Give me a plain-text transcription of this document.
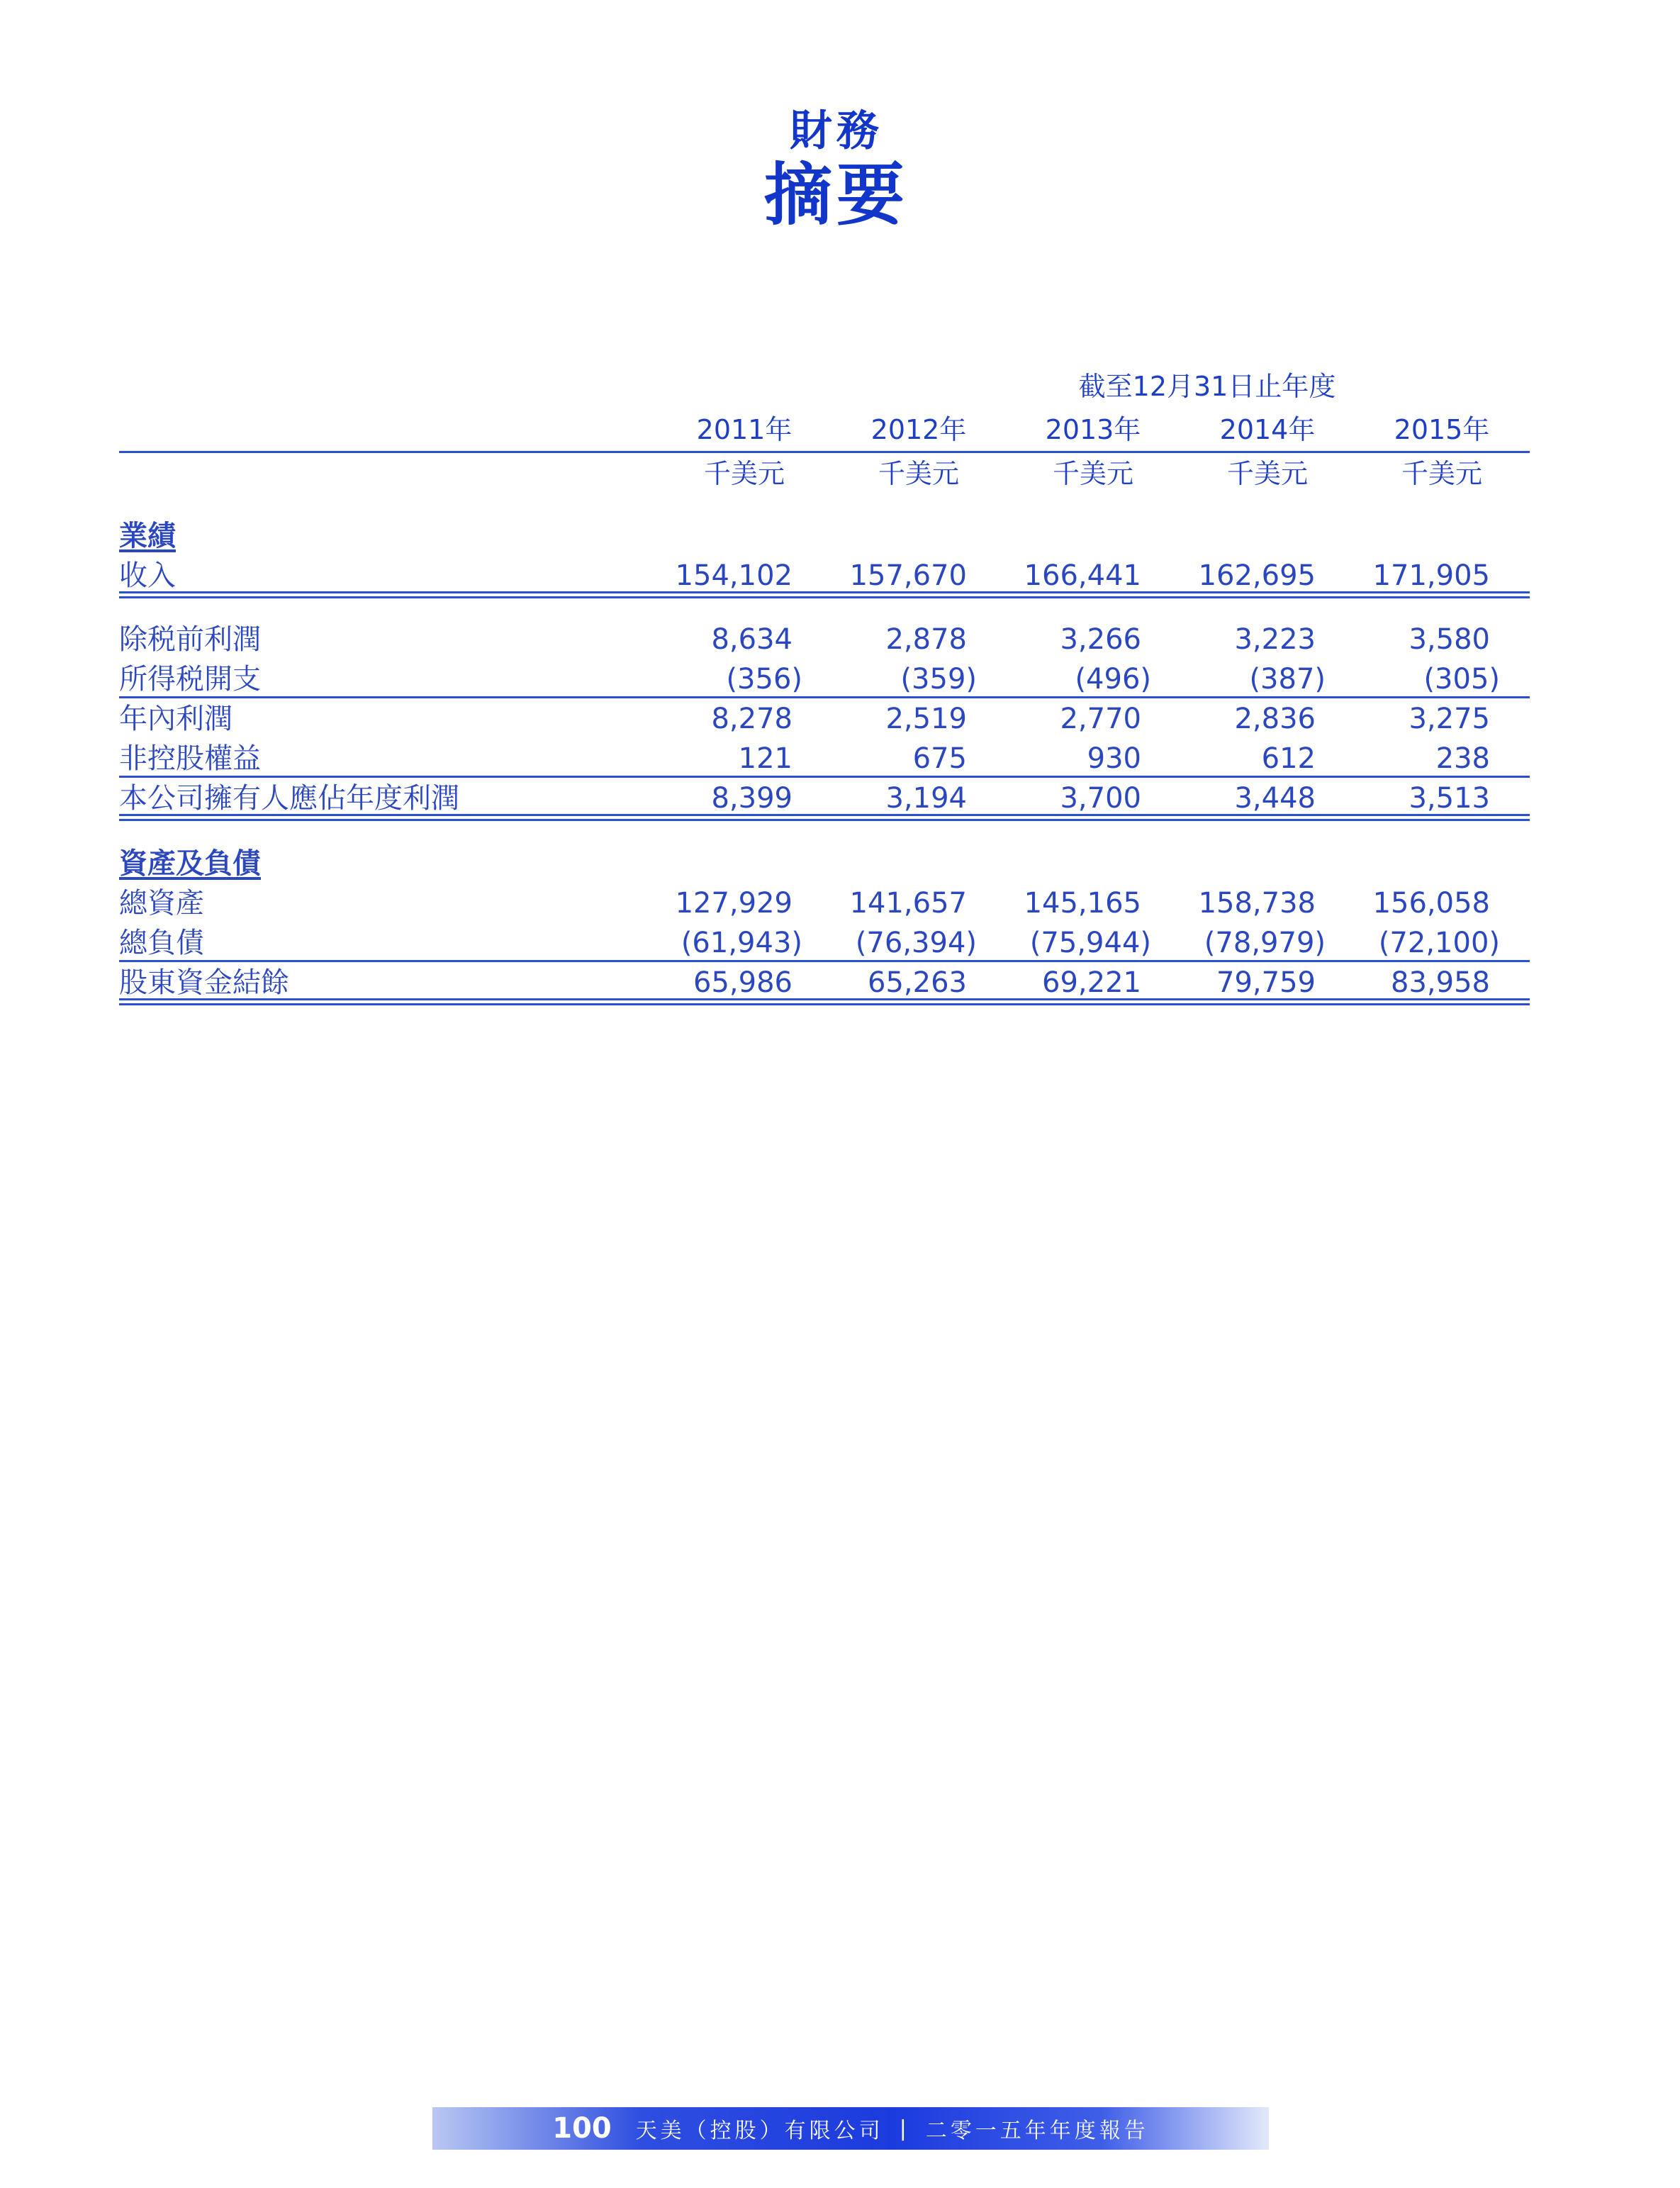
財務
摘要
截至12月31日止年度
2011年	2012年	2013年	2014年	2015年
千美元	千美元	千美元	千美元	千美元
業績
收入	154,102	157,670	166,441	162,695	171,905
除税前利潤	8,634	2,878	3,266	3,223	3,580
所得税開支	(356)	(359)	(496)	(387)	(305)
年內利潤	8,278	2,519	2,770	2,836	3,275
非控股權益	121	675	930	612	238
本公司擁有人應佔年度利潤	8,399	3,194	3,700	3,448	3,513
資產及負債
總資產	127,929	141,657	145,165	158,738	156,058
總負債	(61,943)	(76,394)	(75,944)	(78,979)	(72,100)
股東資金結餘	65,986	65,263	69,221	79,759	83,958
100 天美（控股）有限公司 | 二零一五年年度報告
